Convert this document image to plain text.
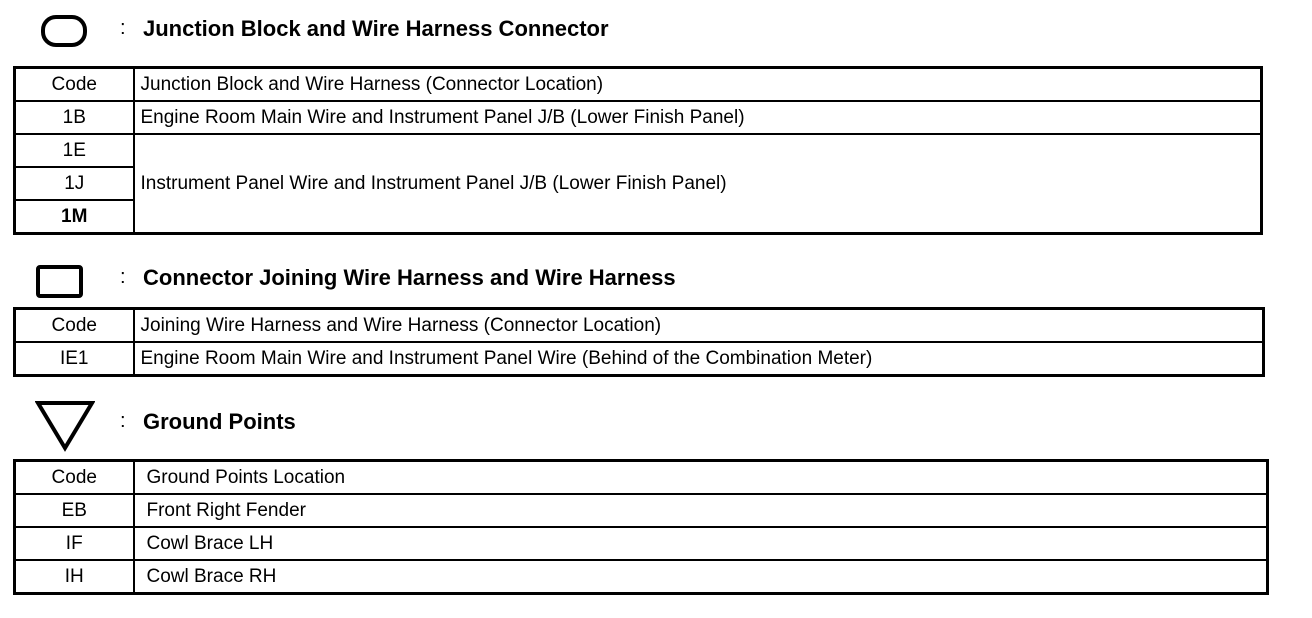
: Junction Block and Wire Harness Connector
Code	Junction Block and Wire Harness (Connector Location)
1B	Engine Room Main Wire and Instrument Panel J/B (Lower Finish Panel)
1E	Instrument Panel Wire and Instrument Panel J/B (Lower Finish Panel)
1J	
1M	
: Connector Joining Wire Harness and Wire Harness
Code	Joining Wire Harness and Wire Harness (Connector Location)
IE1	Engine Room Main Wire and Instrument Panel Wire (Behind of the Combination Meter)
: Ground Points
Code	Ground Points Location
EB	Front Right Fender
IF	Cowl Brace LH
IH	Cowl Brace RH
